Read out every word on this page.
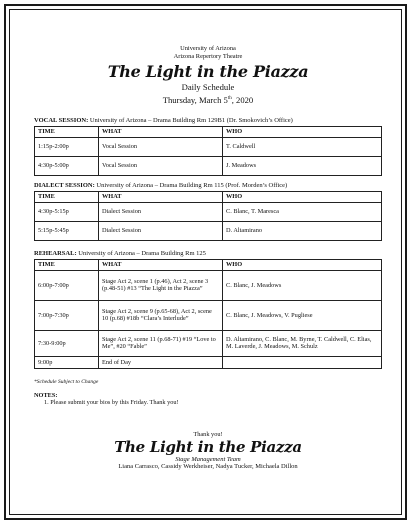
University of Arizona
Arizona Repertory Theatre
The Light in the Piazza
Daily Schedule
Thursday, March 5th, 2020
VOCAL SESSION: University of Arizona – Drama Building Rm 129B1 (Dr. Smokovich’s Office)
TIME	WHAT	WHO
1:15p-2:00p	Vocal Session	T. Caldwell
4:30p-5:00p	Vocal Session	J. Meadows
DIALECT SESSION: University of Arizona – Drama Building Rm 115 (Prof. Morden’s Office)
TIME	WHAT	WHO
4:30p-5:15p	Dialect Session	C. Blanc, T. Maresca
5:15p-5:45p	Dialect Session	D. Altamirano
REHEARSAL: University of Arizona – Drama Building Rm 125
TIME	WHAT	WHO
6:00p-7:00p	Stage Act 2, scene 1 (p.46), Act 2, scene 3 (p.48-51) #13 “The Light in the Piazza”	C. Blanc, J. Meadows
7:00p-7:30p	Stage Act 2, scene 9 (p.65-68), Act 2, scene 10 (p.68) #18b “Clara’s Interlude”	C. Blanc, J. Meadows, V. Pugliese
7:30-9:00p	Stage Act 2, scene 11 (p.68-71) #19 “Love to Me”, #20 “Fable”	D. Altamirano, C. Blanc, M. Byrne, T. Caldwell, C. Elias, M. Laverde, J. Meadows, M. Schulz
9:00p	End of Day	
*Schedule Subject to Change
NOTES:
1. Please submit your bios by this Friday. Thank you!
Thank you!
The Light in the Piazza
Stage Management Team
Liana Carrasco, Cassidy Werkheiser, Nadya Tucker, Michaela Dillon
